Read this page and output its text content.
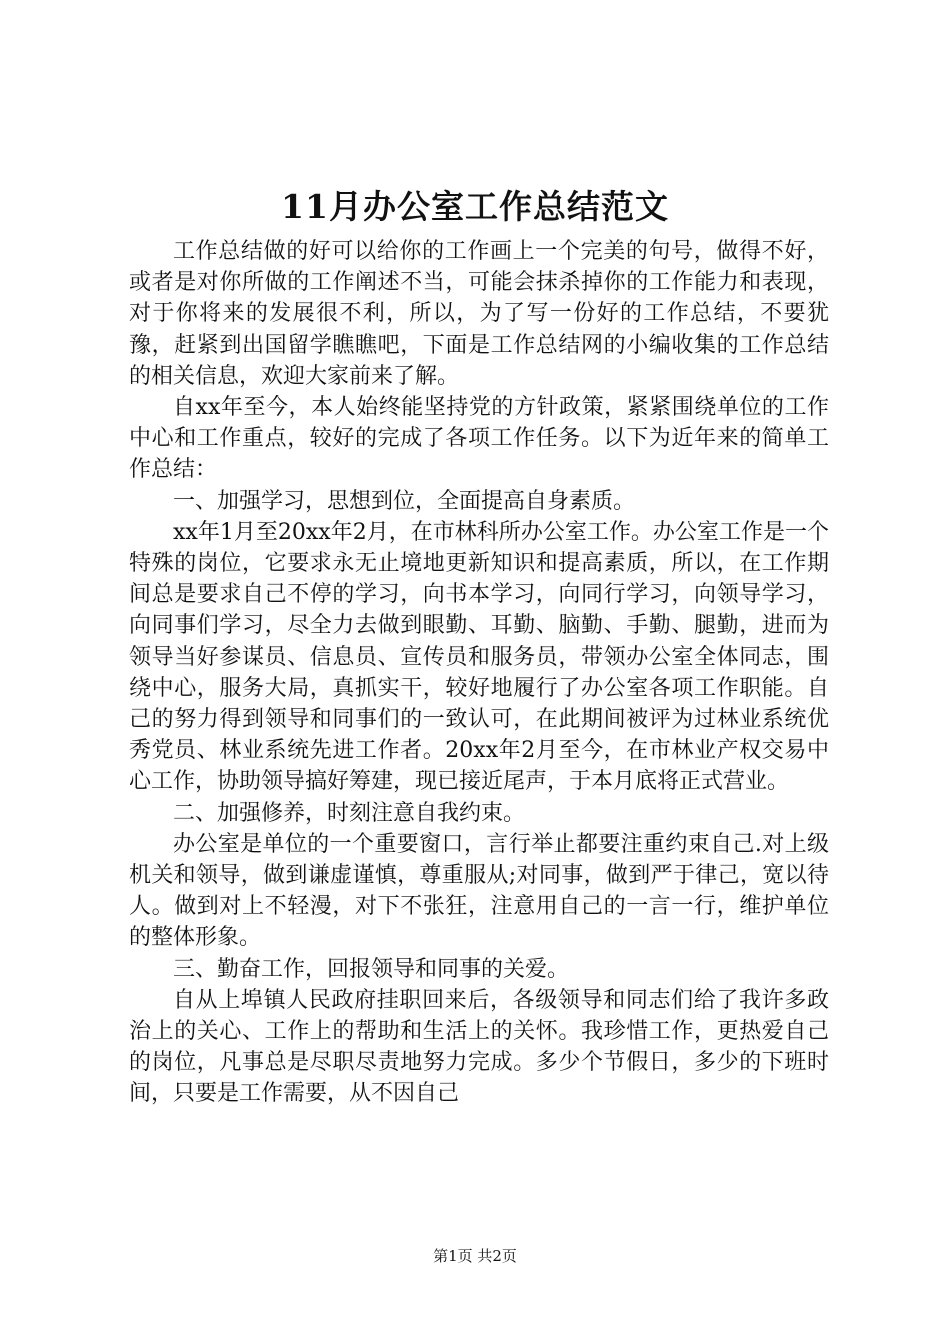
11月办公室工作总结范文

工作总结做的好可以给你的工作画上一个完美的句号，做得不好，或者是对你所做的工作阐述不当，可能会抹杀掉你的工作能力和表现，对于你将来的发展很不利，所以，为了写一份好的工作总结，不要犹豫，赶紧到出国留学瞧瞧吧，下面是工作总结网的小编收集的工作总结的相关信息，欢迎大家前来了解。

自xx年至今，本人始终能坚持党的方针政策，紧紧围绕单位的工作中心和工作重点，较好的完成了各项工作任务。以下为近年来的简单工作总结：

一、加强学习，思想到位，全面提高自身素质。

xx年1月至20xx年2月，在市林科所办公室工作。办公室工作是一个特殊的岗位，它要求永无止境地更新知识和提高素质，所以，在工作期间总是要求自己不停的学习，向书本学习，向同行学习，向领导学习，向同事们学习，尽全力去做到眼勤、耳勤、脑勤、手勤、腿勤，进而为领导当好参谋员、信息员、宣传员和服务员，带领办公室全体同志，围绕中心，服务大局，真抓实干，较好地履行了办公室各项工作职能。自己的努力得到领导和同事们的一致认可，在此期间被评为过林业系统优秀党员、林业系统先进工作者。20xx年2月至今，在市林业产权交易中心工作，协助领导搞好筹建，现已接近尾声，于本月底将正式营业。

二、加强修养，时刻注意自我约束。

办公室是单位的一个重要窗口，言行举止都要注重约束自己.对上级机关和领导，做到谦虚谨慎，尊重服从;对同事，做到严于律己，宽以待人。做到对上不轻漫，对下不张狂，注意用自己的一言一行，维护单位的整体形象。

三、勤奋工作，回报领导和同事的关爱。

自从上埠镇人民政府挂职回来后，各级领导和同志们给了我许多政治上的关心、工作上的帮助和生活上的关怀。我珍惜工作，更热爱自己的岗位，凡事总是尽职尽责地努力完成。多少个节假日，多少的下班时间，只要是工作需要，从不因自己

第1页 共2页
